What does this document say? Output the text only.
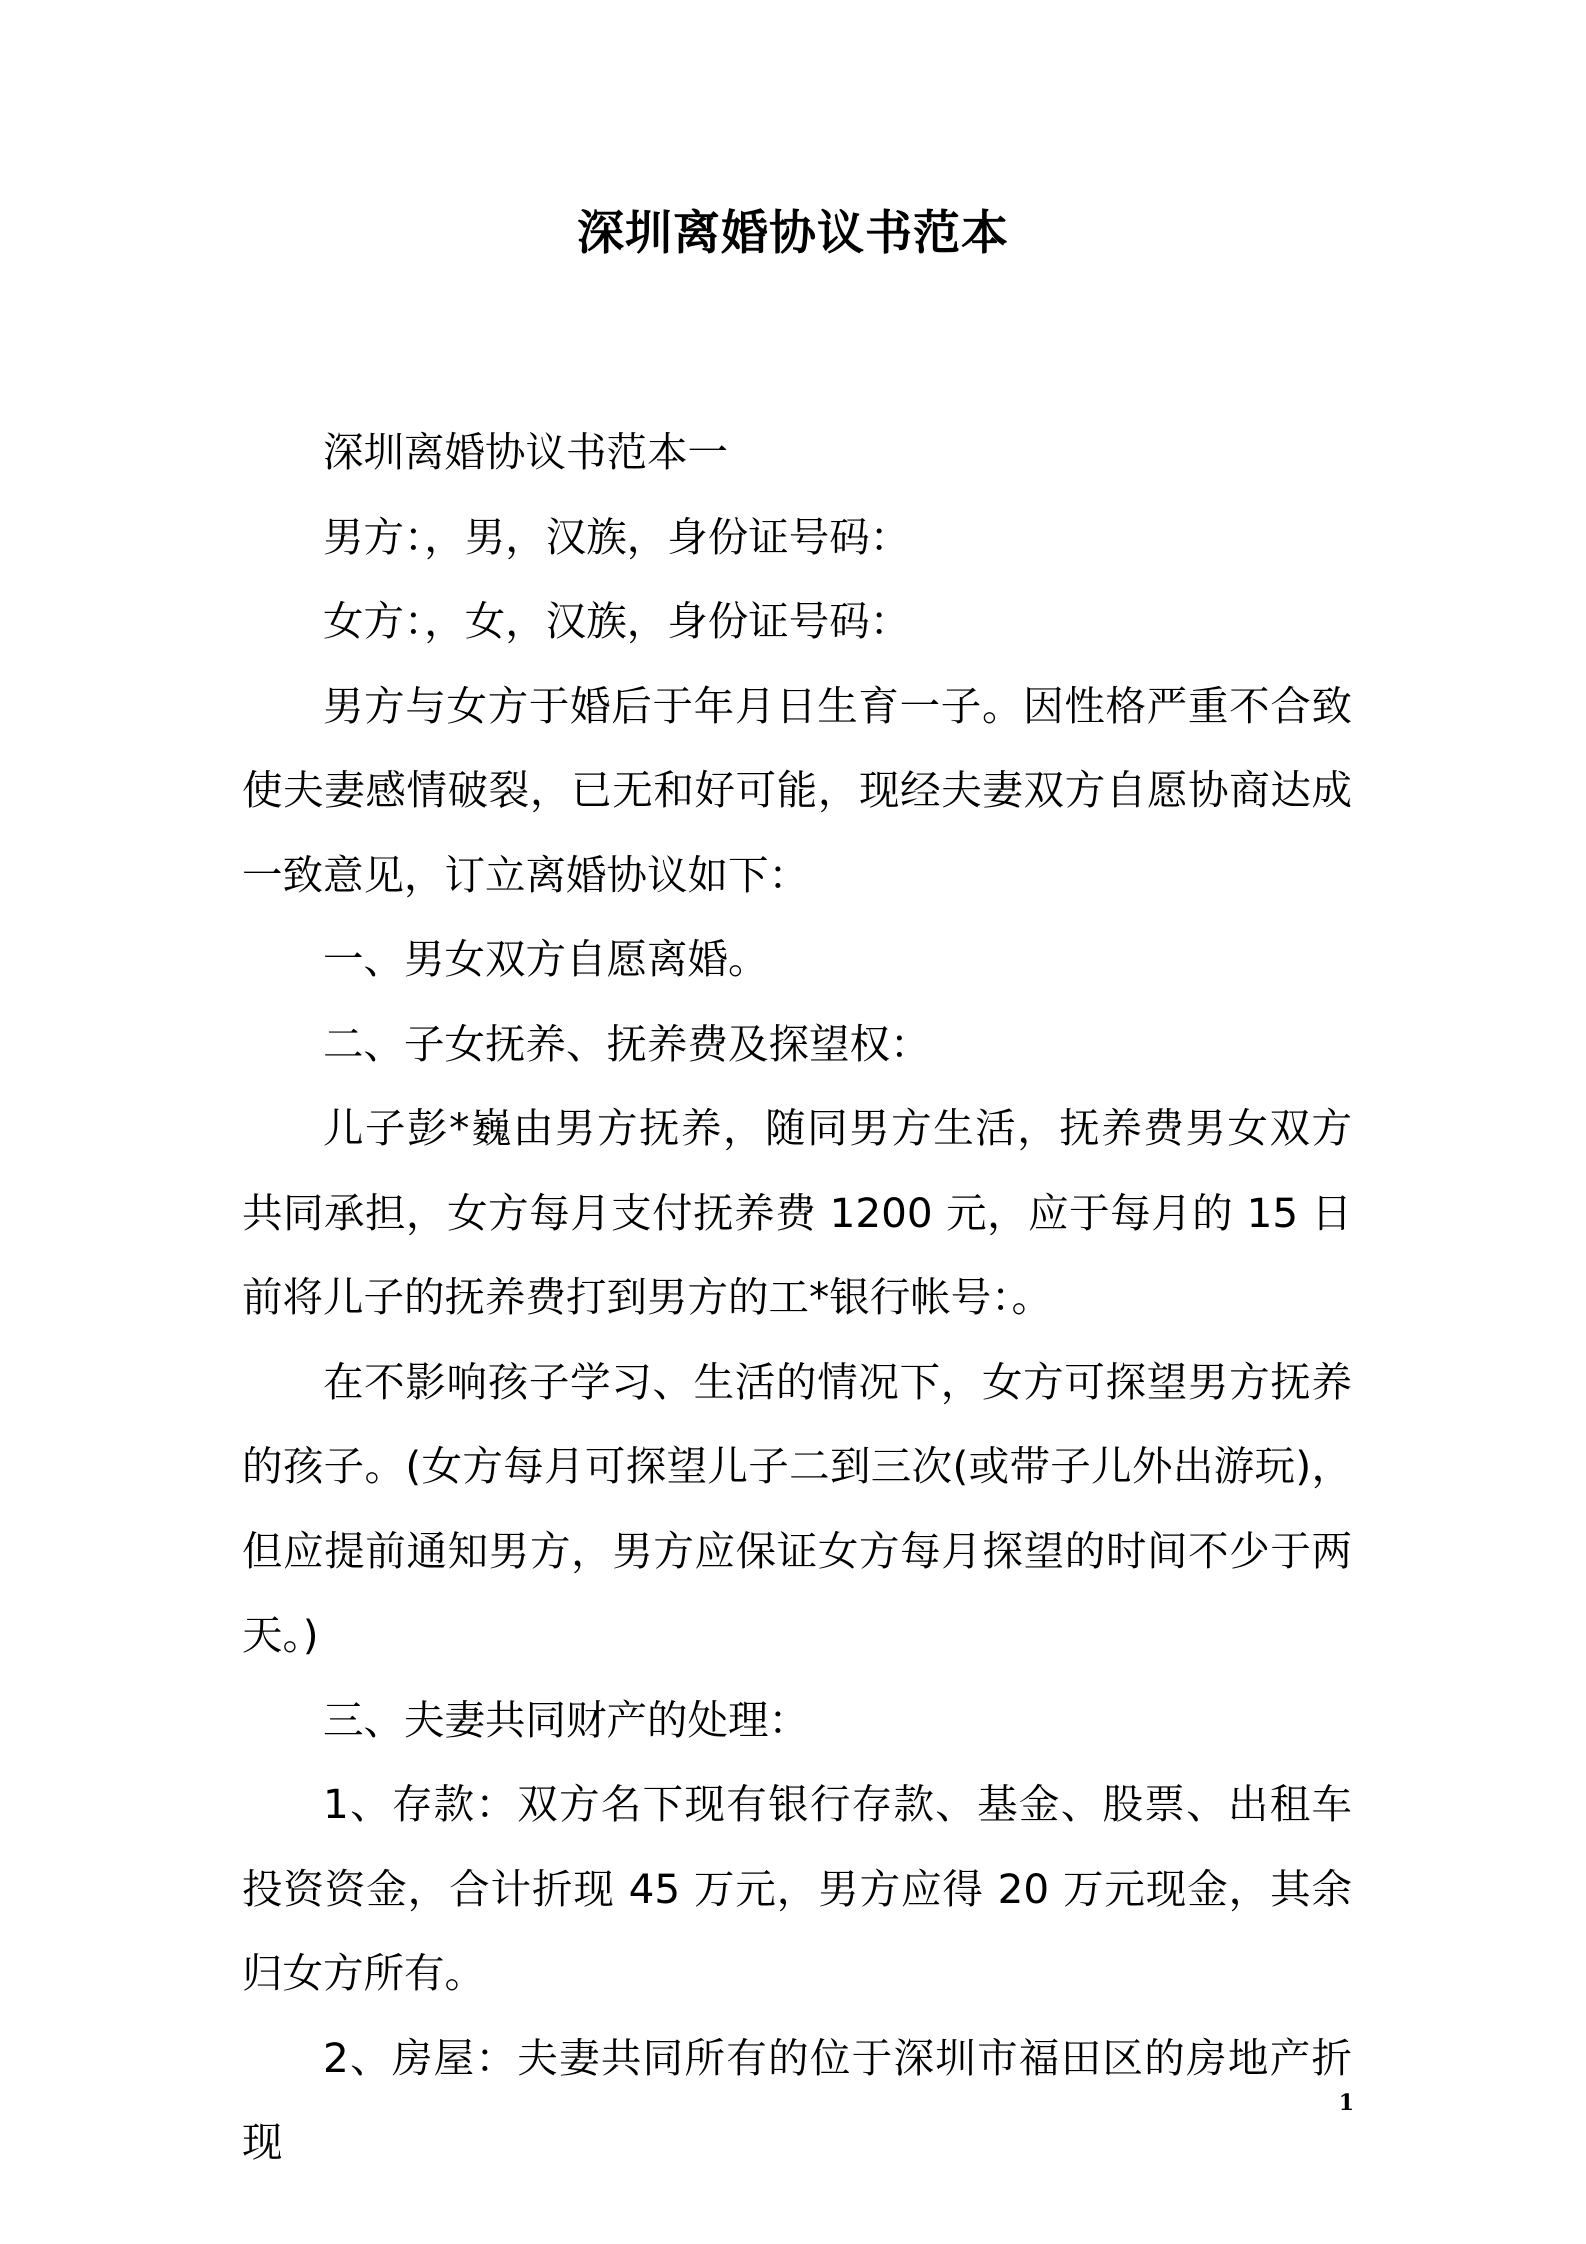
深圳离婚协议书范本

深圳离婚协议书范本一

男方：，男，汉族，身份证号码：

女方：，女，汉族，身份证号码：

男方与女方于婚后于年月日生育一子。因性格严重不合致使夫妻感情破裂，已无和好可能，现经夫妻双方自愿协商达成一致意见，订立离婚协议如下：

一、男女双方自愿离婚。

二、子女抚养、抚养费及探望权：

儿子彭*巍由男方抚养，随同男方生活，抚养费男女双方共同承担，女方每月支付抚养费 1200 元，应于每月的 15 日前将儿子的抚养费打到男方的工*银行帐号：。

在不影响孩子学习、生活的情况下，女方可探望男方抚养的孩子。(女方每月可探望儿子二到三次(或带子儿外出游玩)，但应提前通知男方，男方应保证女方每月探望的时间不少于两天。)

三、夫妻共同财产的处理：

1、存款：双方名下现有银行存款、基金、股票、出租车投资资金，合计折现 45 万元，男方应得 20 万元现金，其余归女方所有。

2、房屋：夫妻共同所有的位于深圳市福田区的房地产折现

1
